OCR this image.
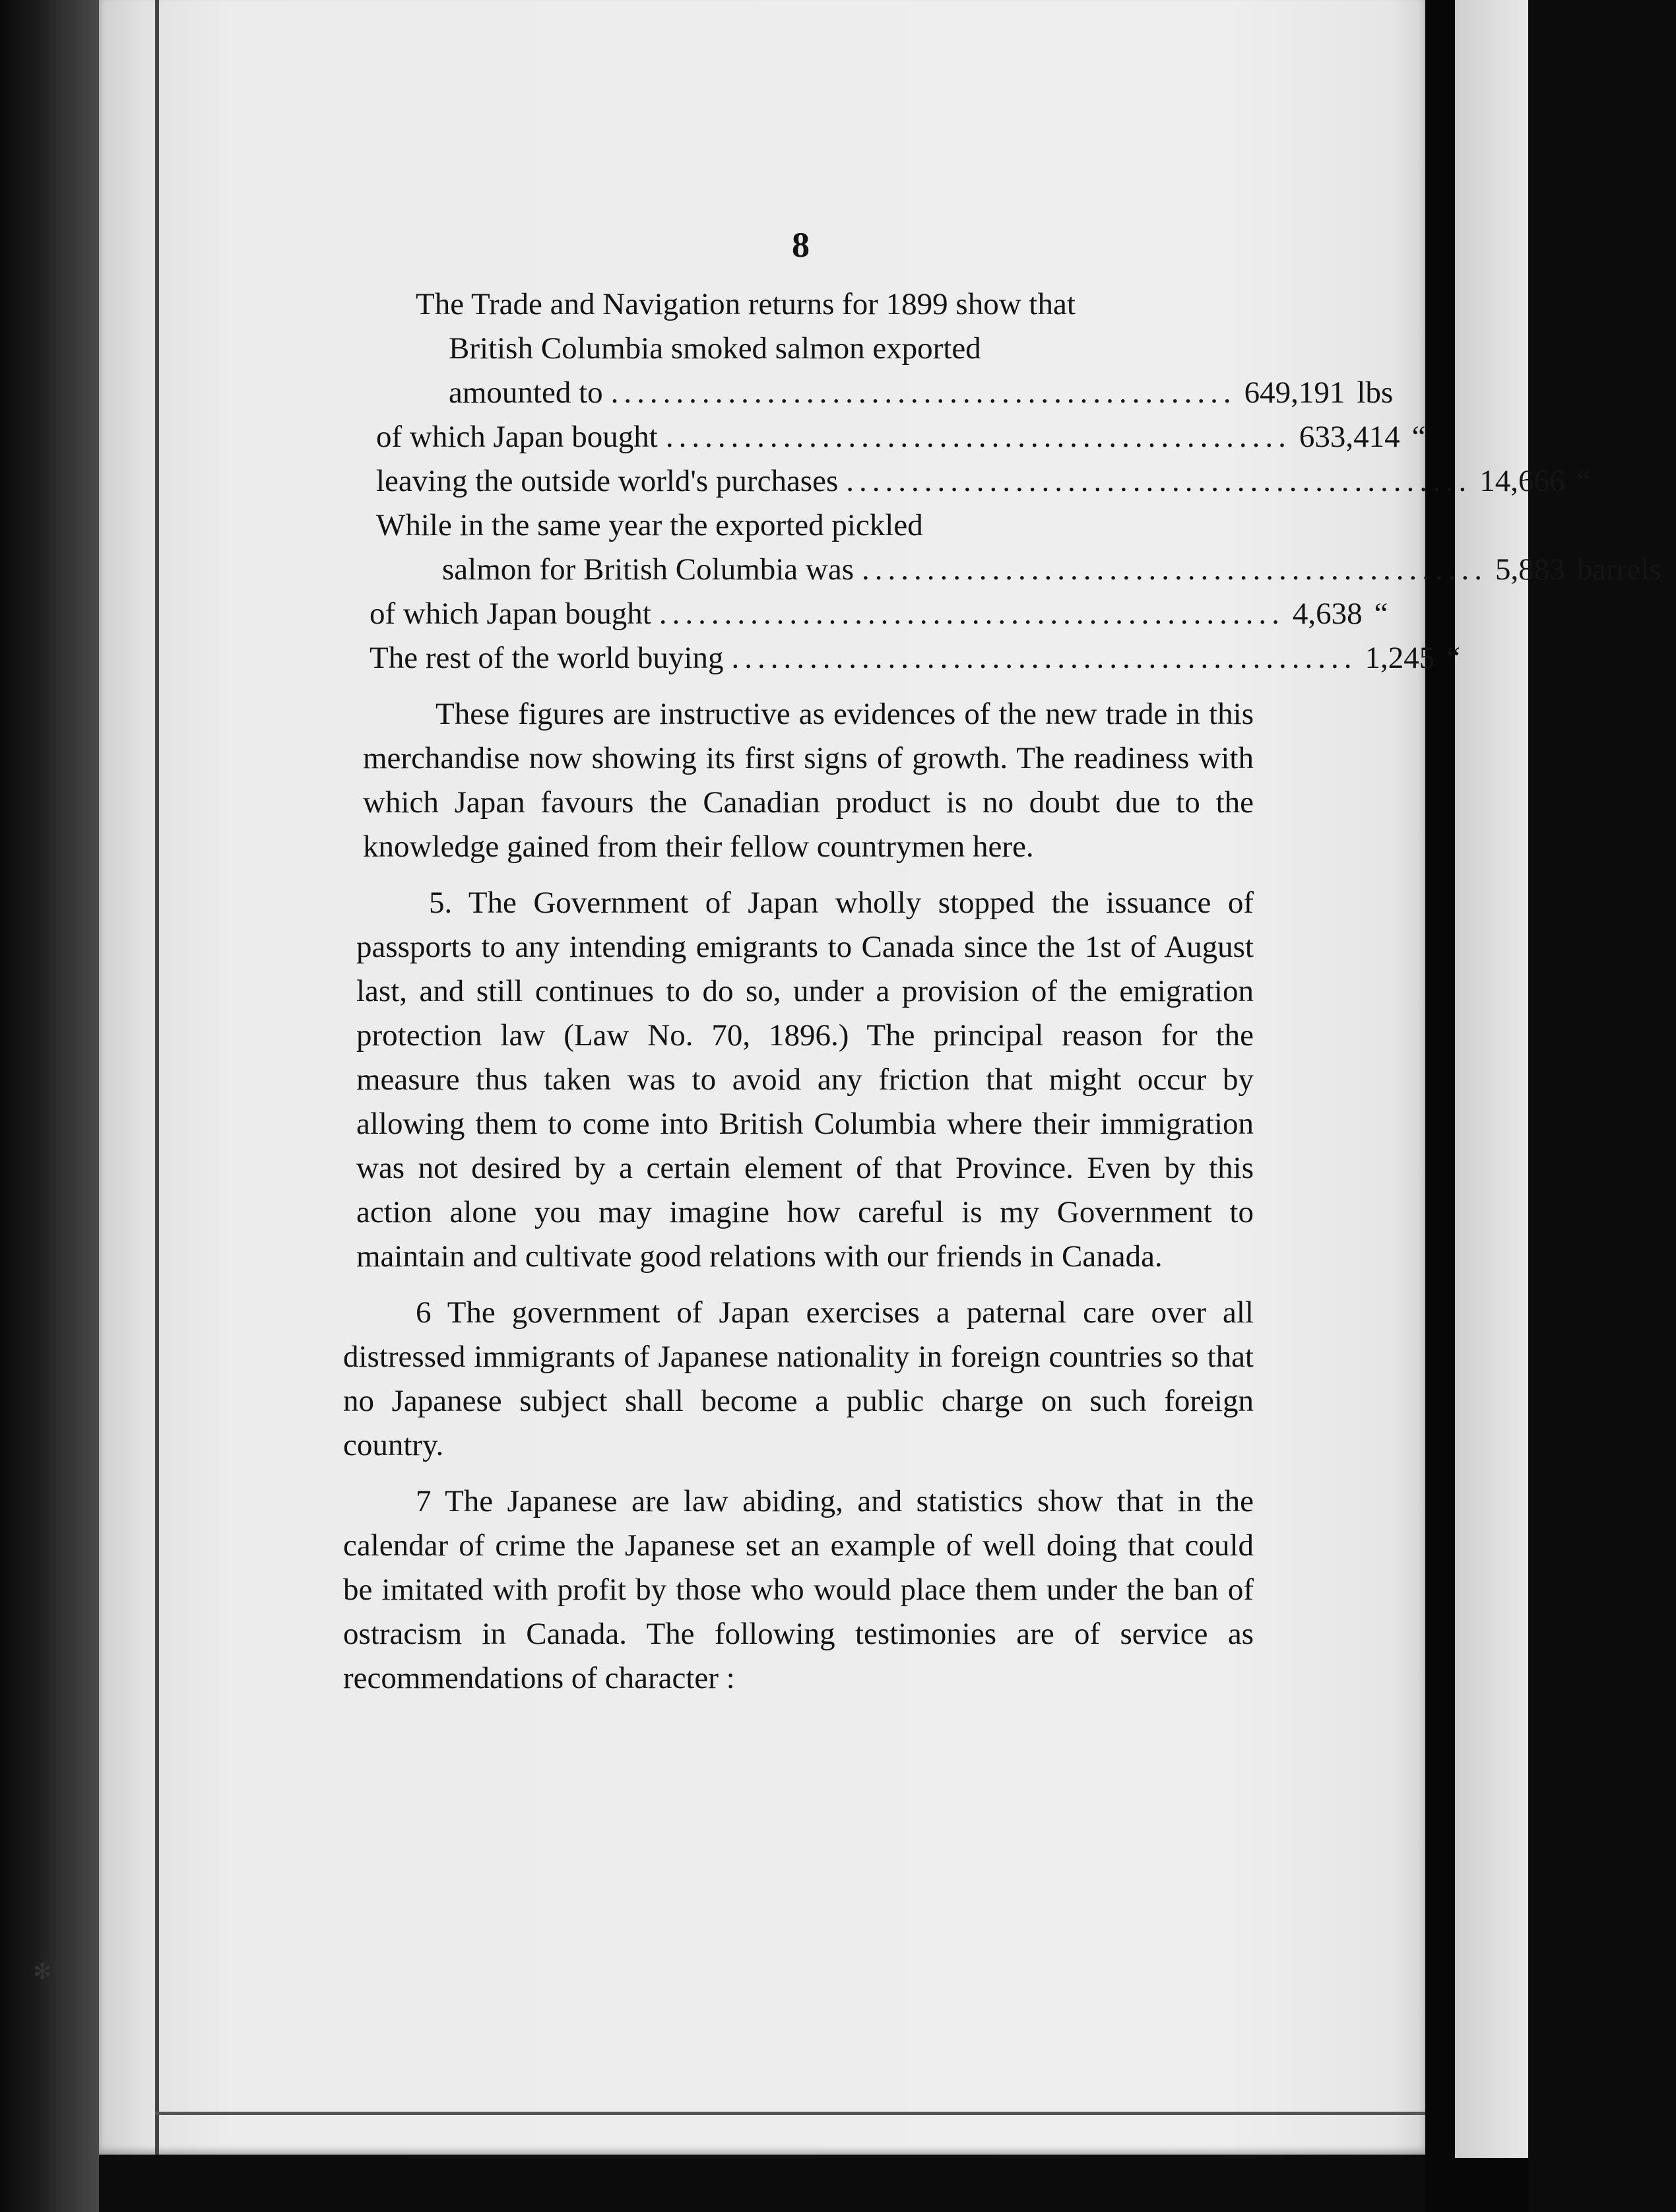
✻
8
The Trade and Navigation returns for 1899 show that
British Columbia smoked salmon exported
amounted to ................................................ 649,191 lbs
of which Japan bought ................................................ 633,414 “
leaving the outside world's purchases ................................................ 14,666 “
While in the same year the exported pickled
salmon for British Columbia was ................................................ 5,883 barrels
of which Japan bought ................................................ 4,638 “
The rest of the world buying ................................................ 1,245 “

These figures are instructive as evidences of the new trade in this merchandise now showing its first signs of growth. The readiness with which Japan favours the Canadian product is no doubt due to the knowledge gained from their fellow countrymen here.

5. The Government of Japan wholly stopped the issuance of passports to any intending emigrants to Canada since the 1st of August last, and still continues to do so, under a provision of the emigration protection law (Law No. 70, 1896.) The principal reason for the measure thus taken was to avoid any friction that might occur by allowing them to come into British Columbia where their immigration was not desired by a certain element of that Province. Even by this action alone you may imagine how careful is my Government to maintain and cultivate good relations with our friends in Canada.

6 The government of Japan exercises a paternal care over all distressed immigrants of Japanese nationality in foreign countries so that no Japanese subject shall become a public charge on such foreign country.

7 The Japanese are law abiding, and statistics show that in the calendar of crime the Japanese set an example of well doing that could be imitated with profit by those who would place them under the ban of ostracism in Canada. The following testimonies are of service as recommendations of character :
